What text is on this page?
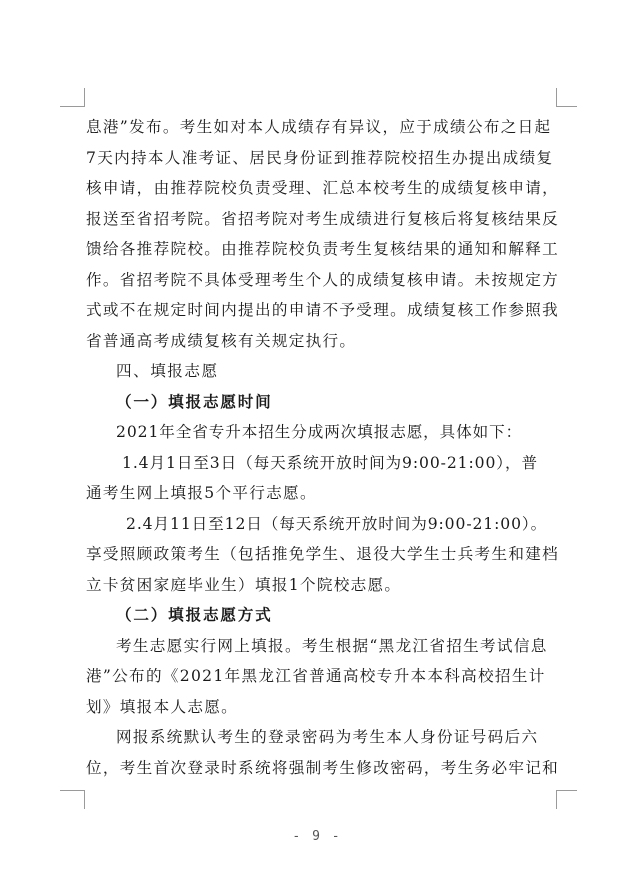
息港”发布。考生如对本人成绩存有异议，应于成绩公布之日起
7天内持本人准考证、居民身份证到推荐院校招生办提出成绩复
核申请，由推荐院校负责受理、汇总本校考生的成绩复核申请，
报送至省招考院。省招考院对考生成绩进行复核后将复核结果反
馈给各推荐院校。由推荐院校负责考生复核结果的通知和解释工
作。省招考院不具体受理考生个人的成绩复核申请。未按规定方
式或不在规定时间内提出的申请不予受理。成绩复核工作参照我
省普通高考成绩复核有关规定执行。
四、填报志愿
（一）填报志愿时间
2021年全省专升本招生分成两次填报志愿，具体如下：
1.4月1日至3日（每天系统开放时间为9:00-21:00），普
通考生网上填报5个平行志愿。
2.4月11日至12日（每天系统开放时间为9:00-21:00）。
享受照顾政策考生（包括推免学生、退役大学生士兵考生和建档
立卡贫困家庭毕业生）填报1个院校志愿。
（二）填报志愿方式
考生志愿实行网上填报。考生根据“黑龙江省招生考试信息
港”公布的《2021年黑龙江省普通高校专升本本科高校招生计
划》填报本人志愿。
网报系统默认考生的登录密码为考生本人身份证号码后六
位，考生首次登录时系统将强制考生修改密码，考生务必牢记和
- 9 -
